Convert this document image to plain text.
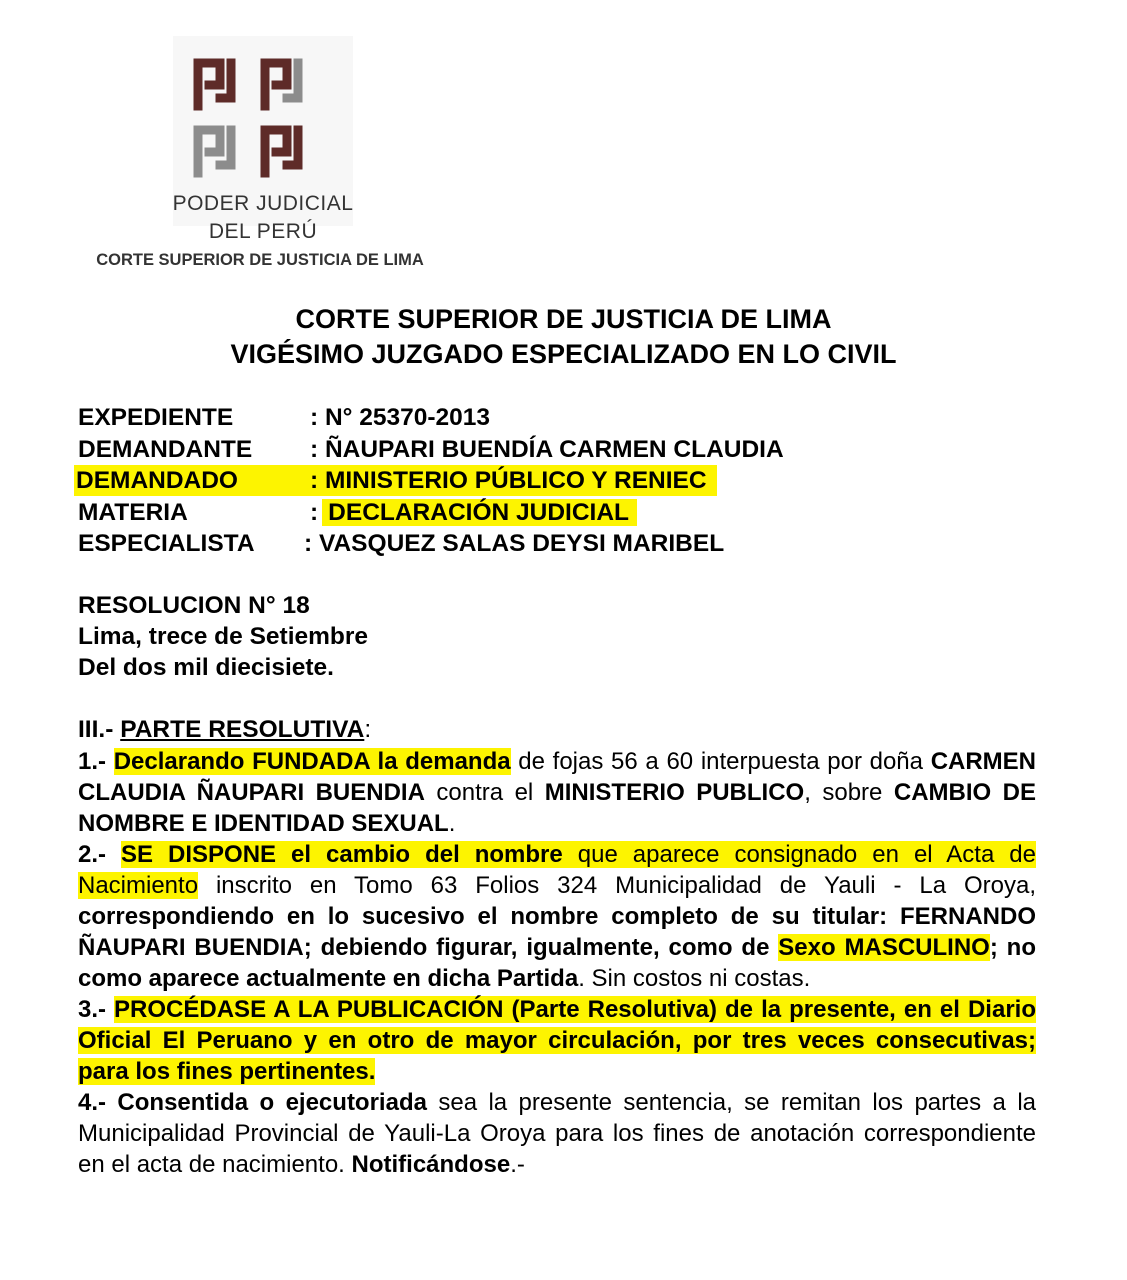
PODER JUDICIAL
DEL PERÚ
CORTE SUPERIOR DE JUSTICIA DE LIMA
CORTE SUPERIOR DE JUSTICIA DE LIMA
VIGÉSIMO JUZGADO ESPECIALIZADO EN LO CIVIL
EXPEDIENTE	: N° 25370-2013
DEMANDANTE : ÑAUPARI BUENDÍA CARMEN CLAUDIA
DEMANDADO	: MINISTERIO PÚBLICO Y RENIEC
MATERIA	: DECLARACIÓN JUDICIAL
ESPECIALISTA : VASQUEZ SALAS DEYSI MARIBEL
RESOLUCION N° 18
Lima, trece de Setiembre
Del dos mil diecisiete.
III.- PARTE RESOLUTIVA:

1.- Declarando FUNDADA la demanda de fojas 56 a 60 interpuesta por doña CARMEN CLAUDIA ÑAUPARI BUENDIA contra el MINISTERIO PUBLICO, sobre CAMBIO DE NOMBRE E IDENTIDAD SEXUAL.

2.- SE DISPONE el cambio del nombre que aparece consignado en el Acta de Nacimiento inscrito en Tomo 63 Folios 324 Municipalidad de Yauli - La Oroya, correspondiendo en lo sucesivo el nombre completo de su titular: FERNANDO ÑAUPARI BUENDIA; debiendo figurar, igualmente, como de Sexo MASCULINO; no como aparece actualmente en dicha Partida. Sin costos ni costas.

3.- PROCÉDASE A LA PUBLICACIÓN (Parte Resolutiva) de la presente, en el Diario Oficial El Peruano y en otro de mayor circulación, por tres veces consecutivas; para los fines pertinentes.

4.- Consentida o ejecutoriada sea la presente sentencia, se remitan los partes a la Municipalidad Provincial de Yauli-La Oroya para los fines de anotación correspondiente en el acta de nacimiento. Notificándose.-
